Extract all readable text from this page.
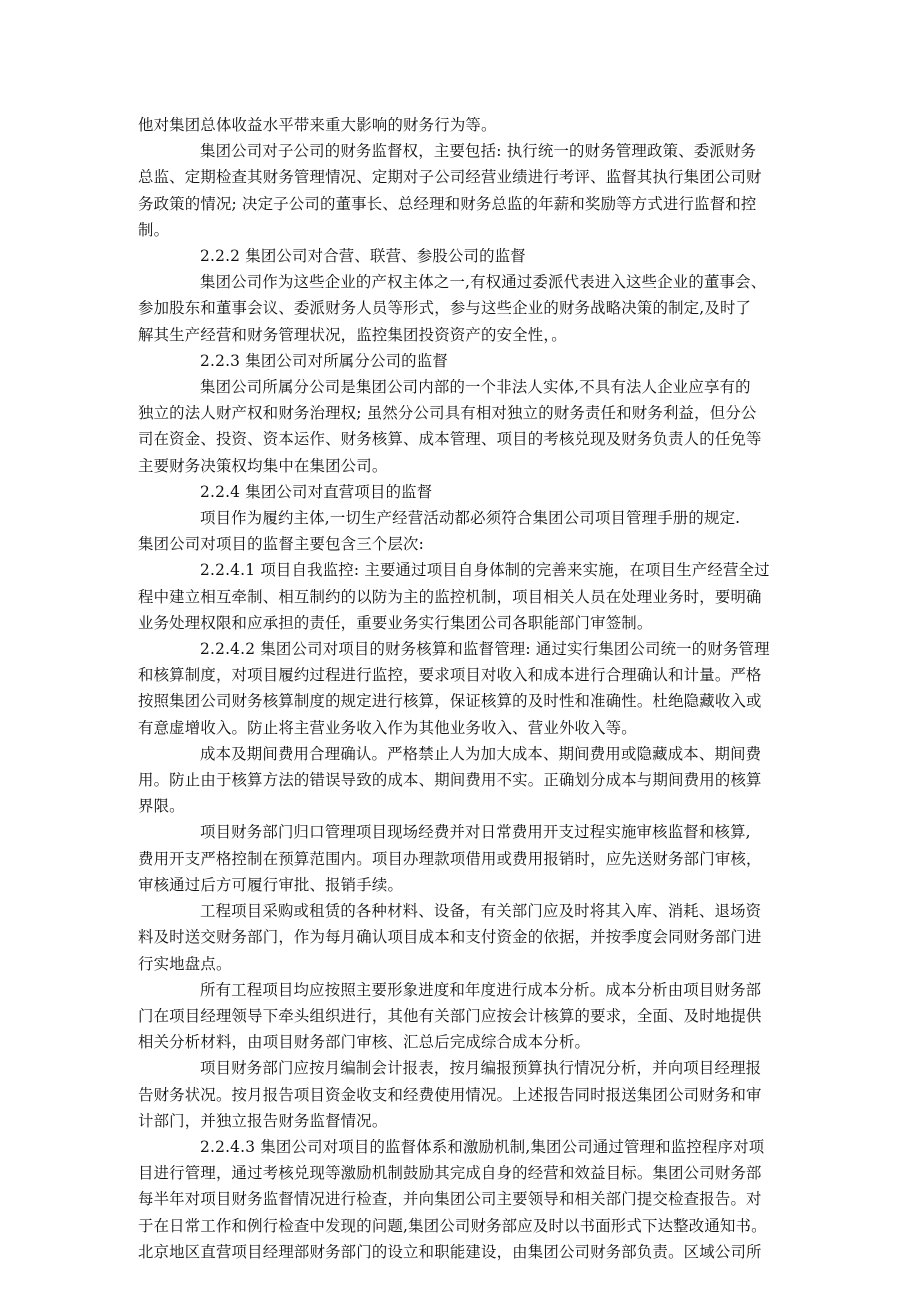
他对集团总体收益水平带来重大影响的财务行为等。
集团公司对子公司的财务监督权，主要包括: 执行统一的财务管理政策、委派财务
总监、定期检查其财务管理情况、定期对子公司经营业绩进行考评、监督其执行集团公司财
务政策的情况; 决定子公司的董事长、总经理和财务总监的年薪和奖励等方式进行监督和控
制。
2.2.2 集团公司对合营、联营、参股公司的监督
集团公司作为这些企业的产权主体之一,有权通过委派代表进入这些企业的董事会、
参加股东和董事会议、委派财务人员等形式，参与这些企业的财务战略决策的制定,及时了
解其生产经营和财务管理状况，监控集团投资资产的安全性，。
2.2.3 集团公司对所属分公司的监督
集团公司所属分公司是集团公司内部的一个非法人实体,不具有法人企业应享有的
独立的法人财产权和财务治理权; 虽然分公司具有相对独立的财务责任和财务利益，但分公
司在资金、投资、资本运作、财务核算、成本管理、项目的考核兑现及财务负责人的任免等
主要财务决策权均集中在集团公司。
2.2.4 集团公司对直营项目的监督
项目作为履约主体,一切生产经营活动都必须符合集团公司项目管理手册的规定.
集团公司对项目的监督主要包含三个层次:
2.2.4.1 项目自我监控: 主要通过项目自身体制的完善来实施，在项目生产经营全过
程中建立相互牵制、相互制约的以防为主的监控机制，项目相关人员在处理业务时，要明确
业务处理权限和应承担的责任，重要业务实行集团公司各职能部门审签制。
2.2.4.2 集团公司对项目的财务核算和监督管理: 通过实行集团公司统一的财务管理
和核算制度，对项目履约过程进行监控，要求项目对收入和成本进行合理确认和计量。严格
按照集团公司财务核算制度的规定进行核算，保证核算的及时性和准确性。杜绝隐藏收入或
有意虚增收入。防止将主营业务收入作为其他业务收入、营业外收入等。
成本及期间费用合理确认。严格禁止人为加大成本、期间费用或隐藏成本、期间费
用。防止由于核算方法的错误导致的成本、期间费用不实。正确划分成本与期间费用的核算
界限。
项目财务部门归口管理项目现场经费并对日常费用开支过程实施审核监督和核算,
费用开支严格控制在预算范围内。项目办理款项借用或费用报销时，应先送财务部门审核，
审核通过后方可履行审批、报销手续。
工程项目采购或租赁的各种材料、设备，有关部门应及时将其入库、消耗、退场资
料及时送交财务部门，作为每月确认项目成本和支付资金的依据，并按季度会同财务部门进
行实地盘点。
所有工程项目均应按照主要形象进度和年度进行成本分析。成本分析由项目财务部
门在项目经理领导下牵头组织进行，其他有关部门应按会计核算的要求，全面、及时地提供
相关分析材料，由项目财务部门审核、汇总后完成综合成本分析。
项目财务部门应按月编制会计报表，按月编报预算执行情况分析，并向项目经理报
告财务状况。按月报告项目资金收支和经费使用情况。上述报告同时报送集团公司财务和审
计部门，并独立报告财务监督情况。
2.2.4.3 集团公司对项目的监督体系和激励机制,集团公司通过管理和监控程序对项
目进行管理，通过考核兑现等激励机制鼓励其完成自身的经营和效益目标。集团公司财务部
每半年对项目财务监督情况进行检查，并向集团公司主要领导和相关部门提交检查报告。对
于在日常工作和例行检查中发现的问题,集团公司财务部应及时以书面形式下达整改通知书。
北京地区直营项目经理部财务部门的设立和职能建设，由集团公司财务部负责。区域公司所
